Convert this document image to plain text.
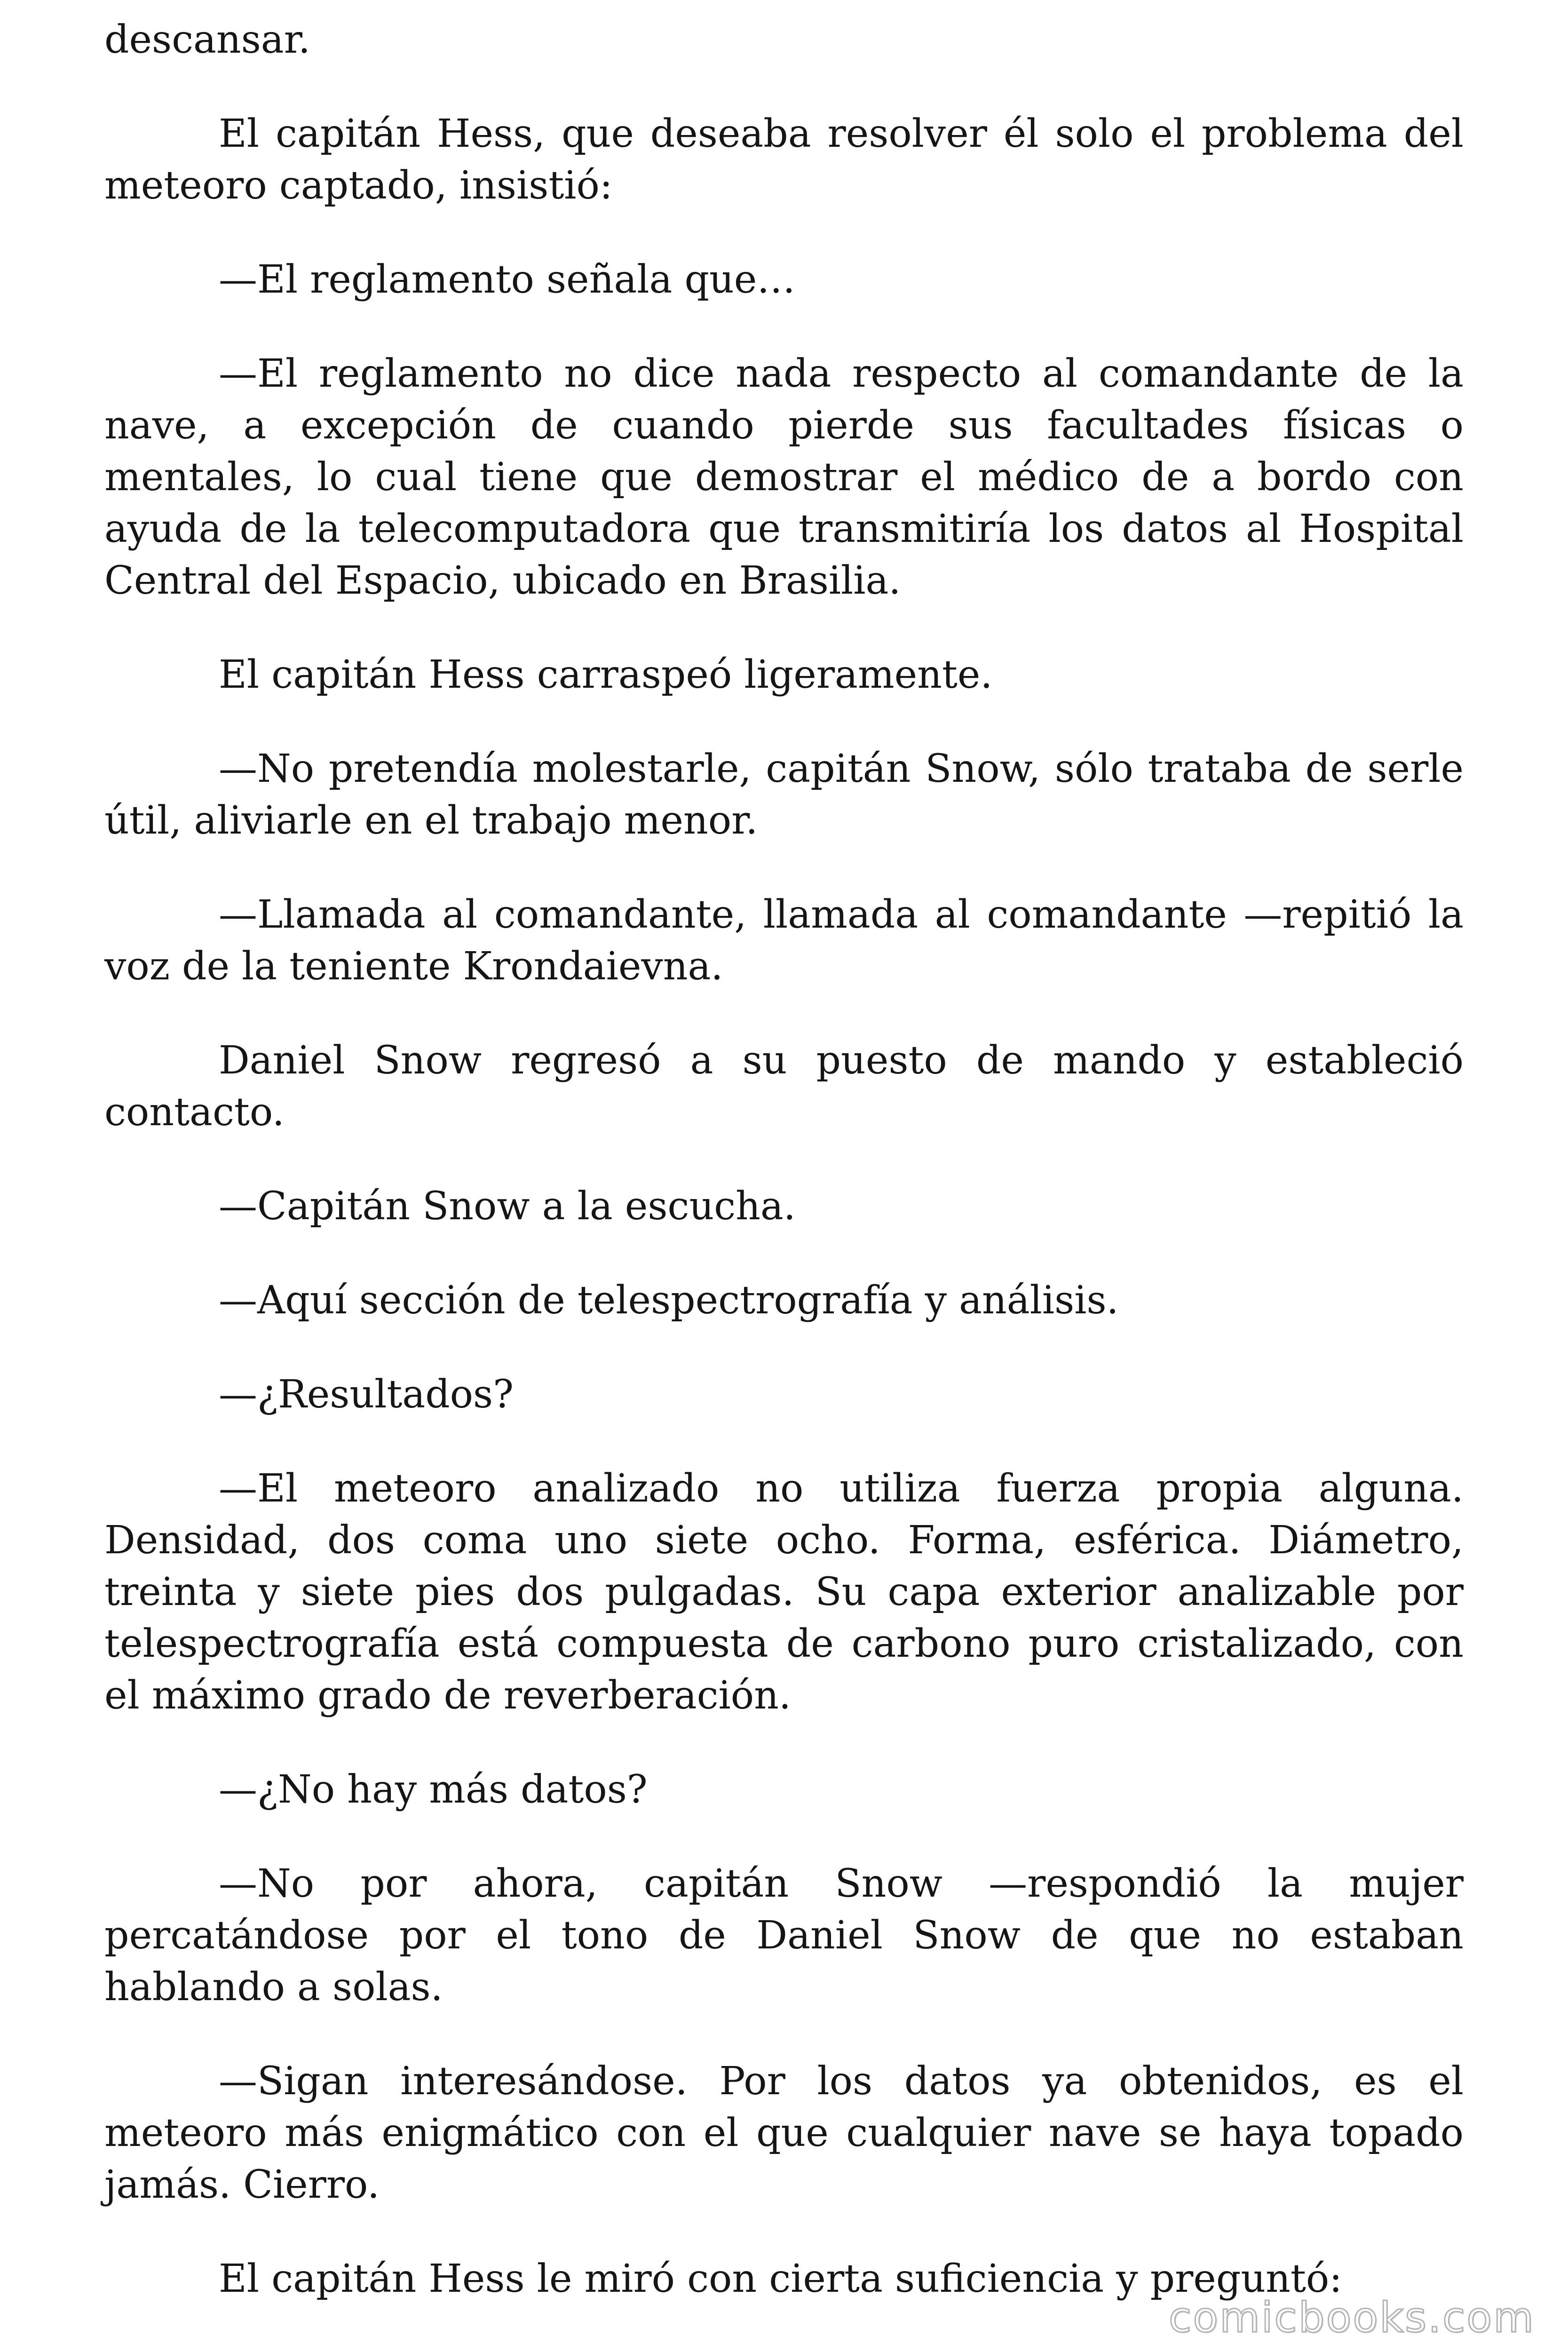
descansar.

El capitán Hess, que deseaba resolver él solo el problema del meteoro captado, insistió:

—El reglamento señala que…

—El reglamento no dice nada respecto al comandante de la nave, a excepción de cuando pierde sus facultades físicas o mentales, lo cual tiene que demostrar el médico de a bordo con ayuda de la telecomputadora que transmitiría los datos al Hospital Central del Espacio, ubicado en Brasilia.

El capitán Hess carraspeó ligeramente.

—No pretendía molestarle, capitán Snow, sólo trataba de serle útil, aliviarle en el trabajo menor.

—Llamada al comandante, llamada al comandante —repitió la voz de la teniente Krondaievna.

Daniel Snow regresó a su puesto de mando y estableció contacto.

—Capitán Snow a la escucha.

—Aquí sección de telespectrografía y análisis.

—¿Resultados?

—El meteoro analizado no utiliza fuerza propia alguna. Densidad, dos coma uno siete ocho. Forma, esférica. Diámetro, treinta y siete pies dos pulgadas. Su capa exterior analizable por telespectrografía está compuesta de carbono puro cristalizado, con el máximo grado de reverberación.

—¿No hay más datos?

—No por ahora, capitán Snow —respondió la mujer percatándose por el tono de Daniel Snow de que no estaban hablando a solas.

—Sigan interesándose. Por los datos ya obtenidos, es el meteoro más enigmático con el que cualquier nave se haya topado jamás. Cierro.

El capitán Hess le miró con cierta suficiencia y preguntó:

comicbooks.com
